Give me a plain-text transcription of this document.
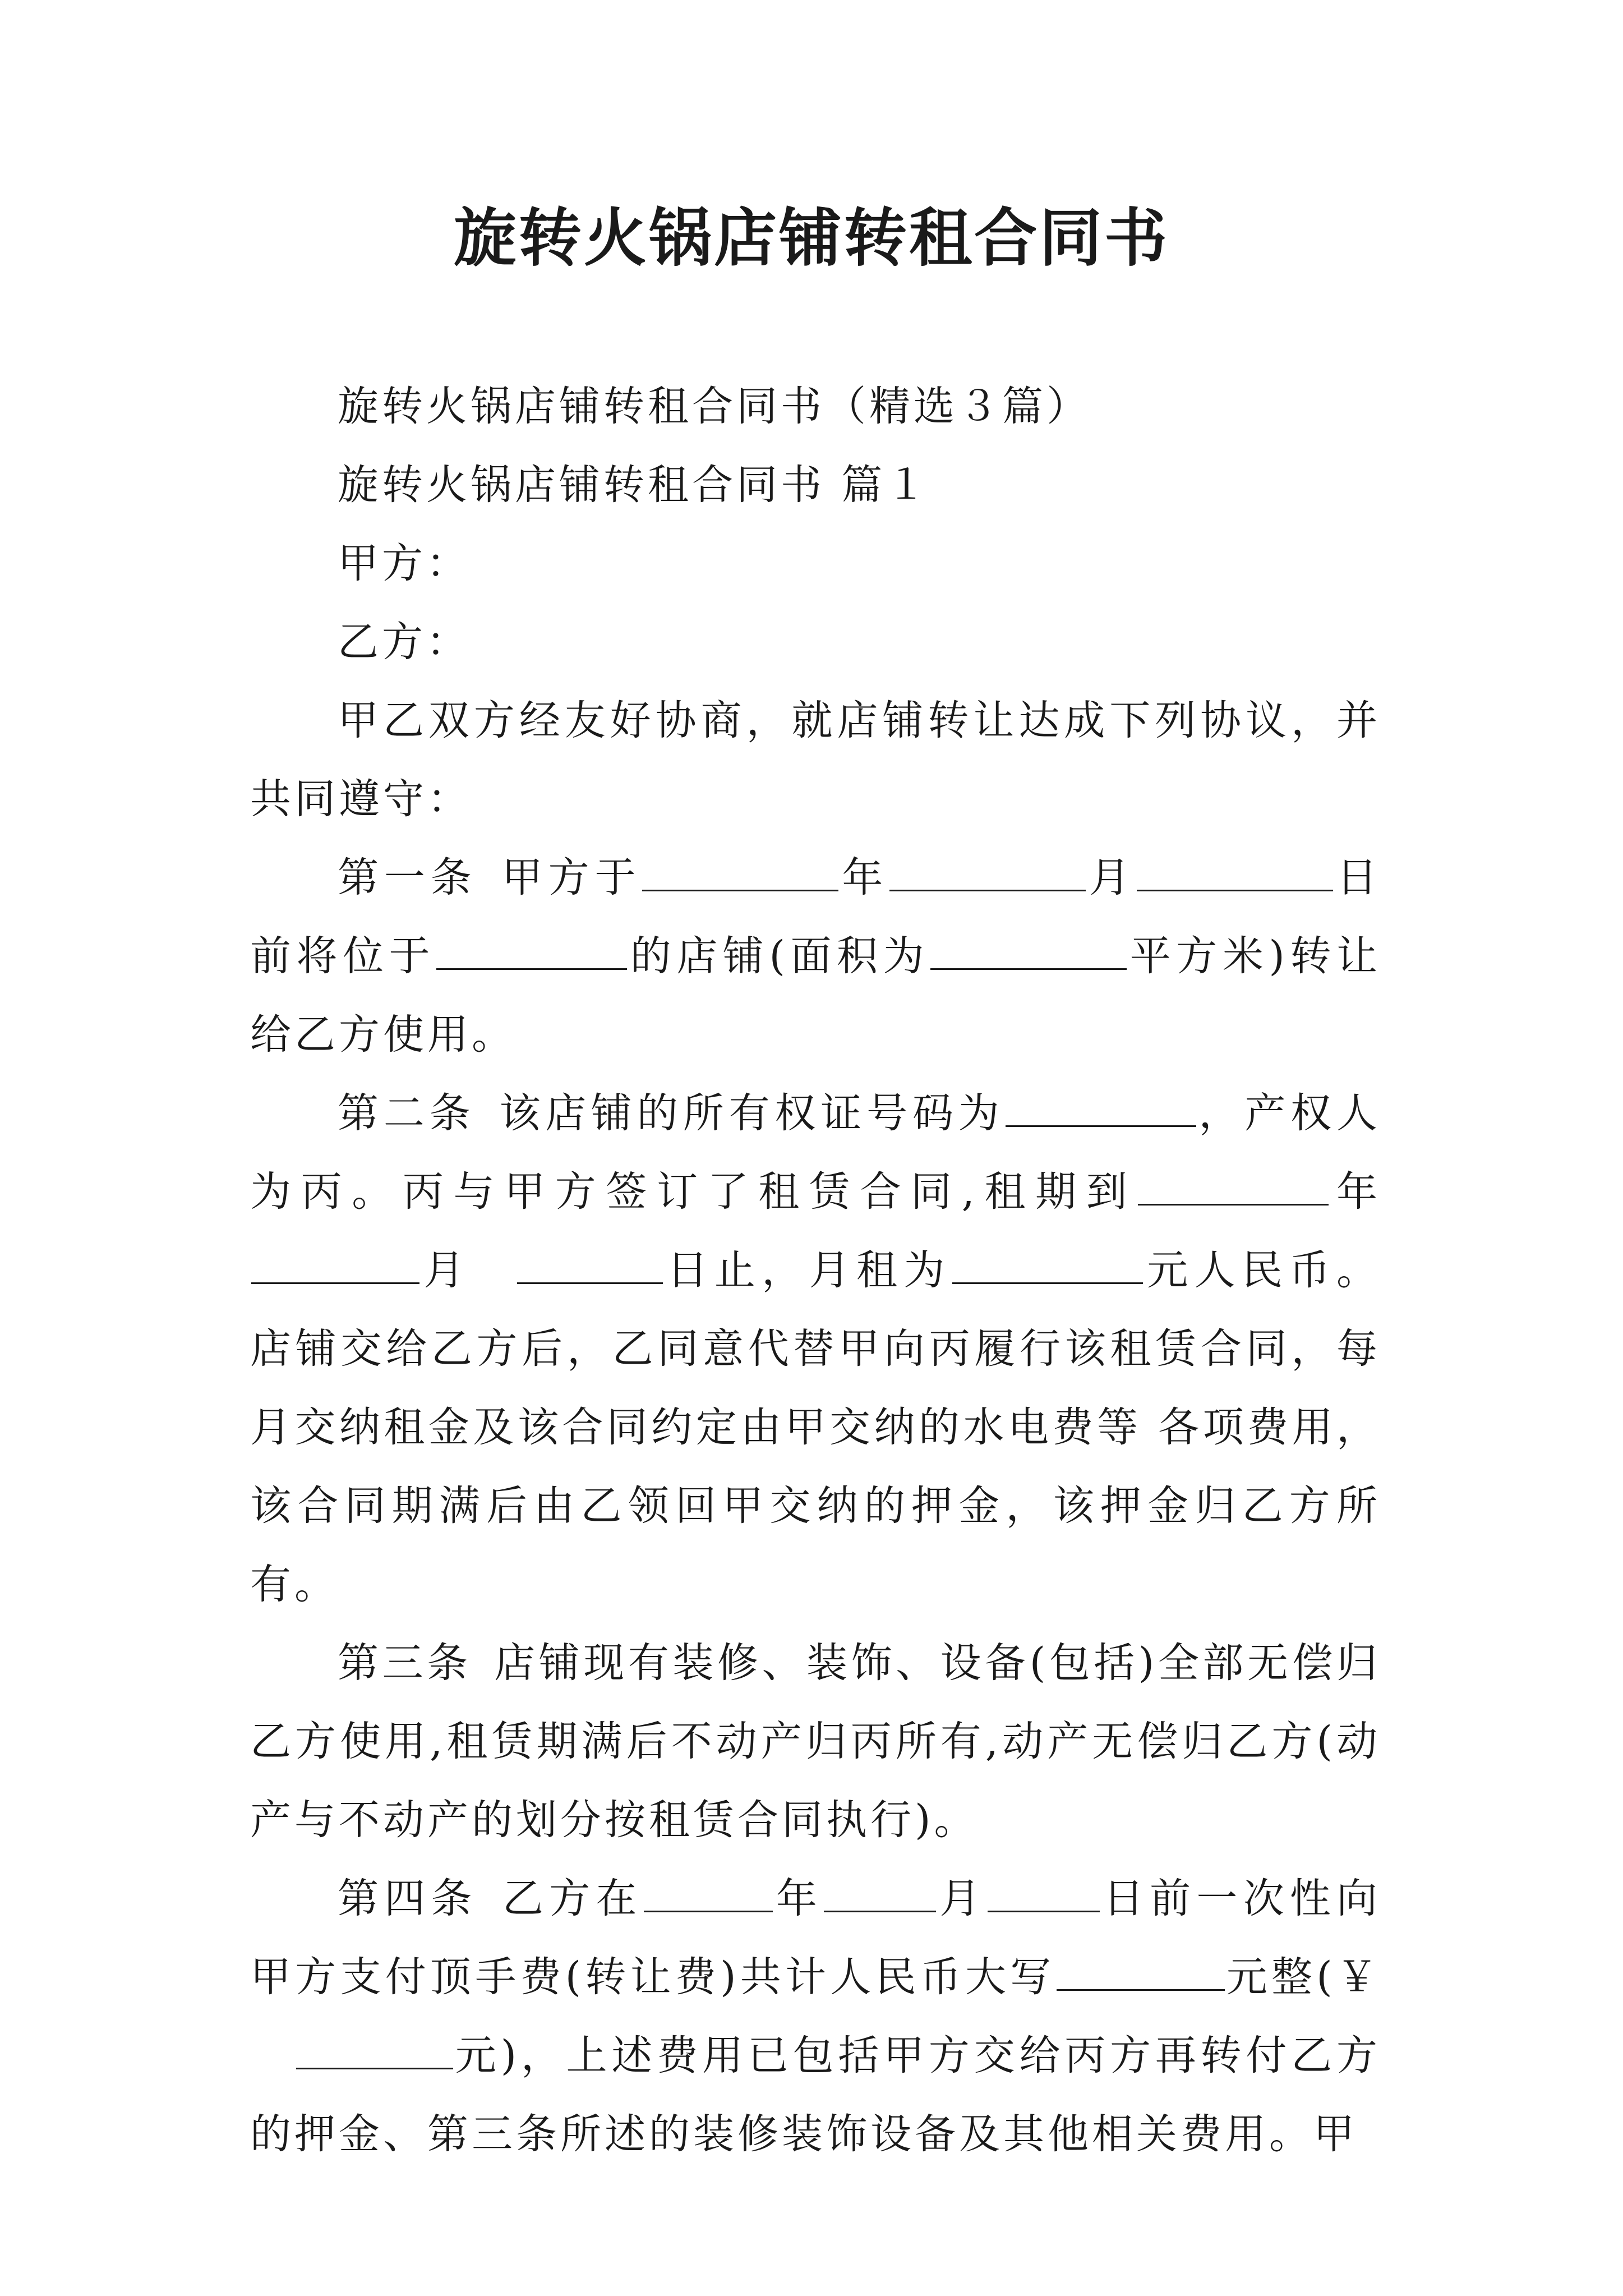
旋转火锅店铺转租合同书

旋转火锅店铺转租合同书（精选３篇）

旋转火锅店铺转租合同书 篇１

甲方：

乙方：

甲乙双方经友好协商，就店铺转让达成下列协议，并共同遵守：

第一条 甲方于	年	月	日前将位于	的店铺(面积为	平方米)转让给乙方使用。

第二条 该店铺的所有权证号码为	，产权人为丙。丙与甲方签订了租赁合同,租期到	年月	日止，月租为	元人民币。店铺交给乙方后，乙同意代替甲向丙履行该租赁合同，每月交纳租金及该合同约定由甲交纳的水电费等 各项费用，该合同期满后由乙领回甲交纳的押金，该押金归乙方所有。

第三条 店铺现有装修、装饰、设备(包括)全部无偿归乙方使用,租赁期满后不动产归丙所有,动产无偿归乙方(动产与不动产的划分按租赁合同执行)。

第四条 乙方在	年	月	日前一次性向甲方支付顶手费(转让费)共计人民币大写	元整(￥元)，上述费用已包括甲方交给丙方再转付乙方的押金、第三条所述的装修装饰设备及其他相关费用。甲
